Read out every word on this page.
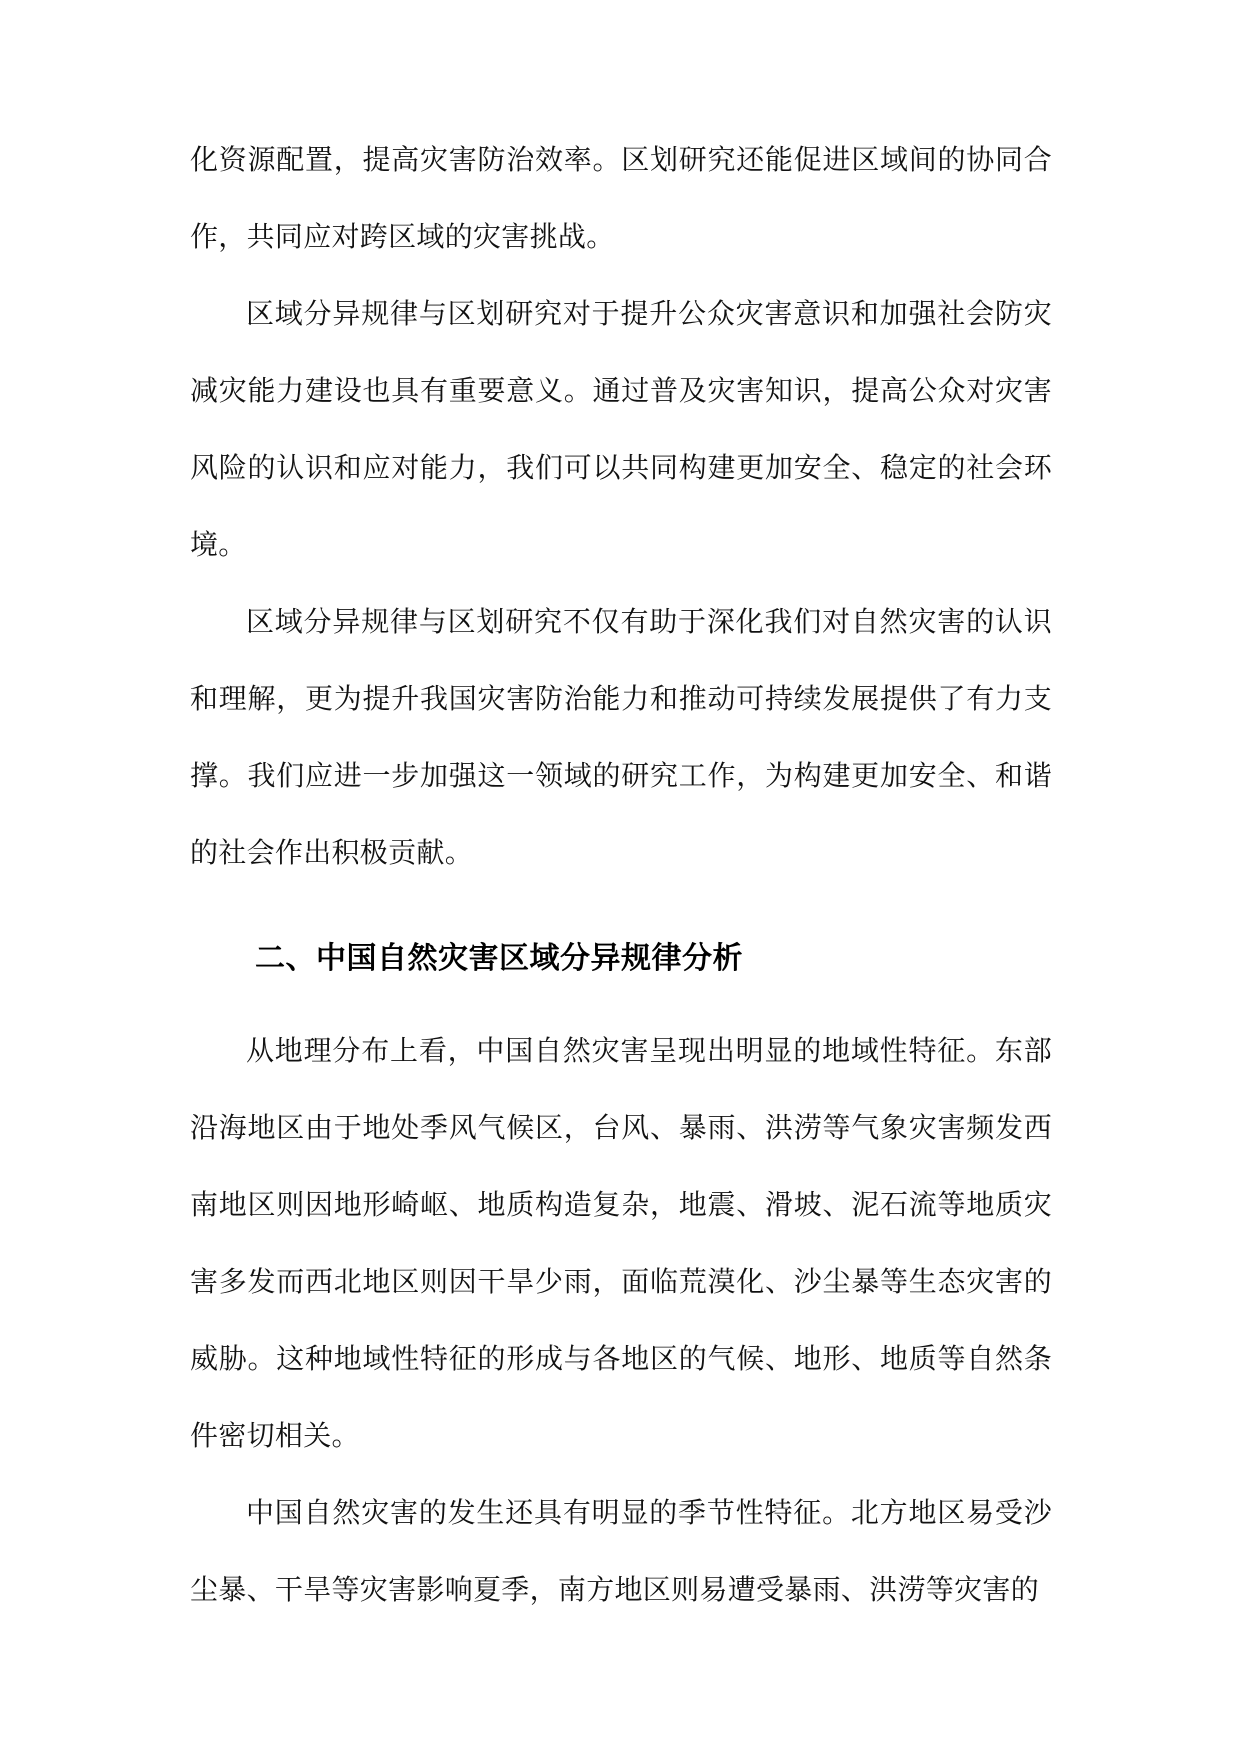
化资源配置，提高灾害防治效率。区划研究还能促进区域间的协同合作，共同应对跨区域的灾害挑战。

区域分异规律与区划研究对于提升公众灾害意识和加强社会防灾减灾能力建设也具有重要意义。通过普及灾害知识，提高公众对灾害风险的认识和应对能力，我们可以共同构建更加安全、稳定的社会环境。

区域分异规律与区划研究不仅有助于深化我们对自然灾害的认识和理解，更为提升我国灾害防治能力和推动可持续发展提供了有力支撑。我们应进一步加强这一领域的研究工作，为构建更加安全、和谐的社会作出积极贡献。

二、中国自然灾害区域分异规律分析

从地理分布上看，中国自然灾害呈现出明显的地域性特征。东部沿海地区由于地处季风气候区，台风、暴雨、洪涝等气象灾害频发西南地区则因地形崎岖、地质构造复杂，地震、滑坡、泥石流等地质灾害多发而西北地区则因干旱少雨，面临荒漠化、沙尘暴等生态灾害的威胁。这种地域性特征的形成与各地区的气候、地形、地质等自然条件密切相关。

中国自然灾害的发生还具有明显的季节性特征。北方地区易受沙尘暴、干旱等灾害影响夏季，南方地区则易遭受暴雨、洪涝等灾害的
